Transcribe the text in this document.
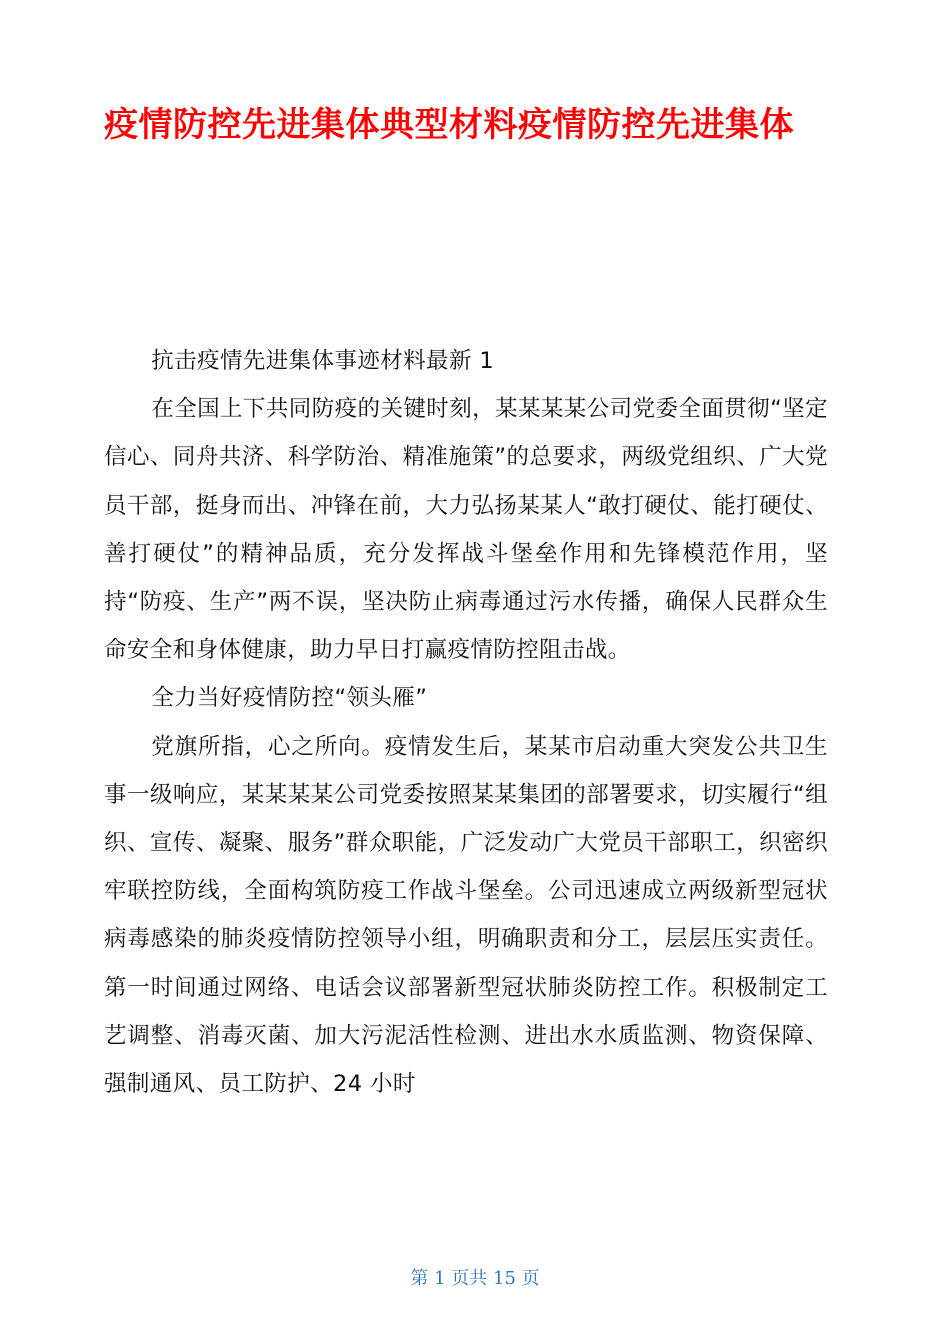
疫情防控先进集体典型材料疫情防控先进集体

抗击疫情先进集体事迹材料最新 1

在全国上下共同防疫的关键时刻，某某某某公司党委全面贯彻“坚定信心、同舟共济、科学防治、精准施策”的总要求，两级党组织、广大党员干部，挺身而出、冲锋在前，大力弘扬某某人“敢打硬仗、能打硬仗、善打硬仗”的精神品质，充分发挥战斗堡垒作用和先锋模范作用，坚持“防疫、生产”两不误，坚决防止病毒通过污水传播，确保人民群众生命安全和身体健康，助力早日打赢疫情防控阻击战。

全力当好疫情防控“领头雁”

党旗所指，心之所向。疫情发生后，某某市启动重大突发公共卫生事一级响应，某某某某公司党委按照某某集团的部署要求，切实履行“组织、宣传、凝聚、服务”群众职能，广泛发动广大党员干部职工，织密织牢联控防线，全面构筑防疫工作战斗堡垒。公司迅速成立两级新型冠状病毒感染的肺炎疫情防控领导小组，明确职责和分工，层层压实责任。第一时间通过网络、电话会议部署新型冠状肺炎防控工作。积极制定工艺调整、消毒灭菌、加大污泥活性检测、进出水水质监测、物资保障、强制通风、员工防护、24 小时

第 1 页共 15 页
